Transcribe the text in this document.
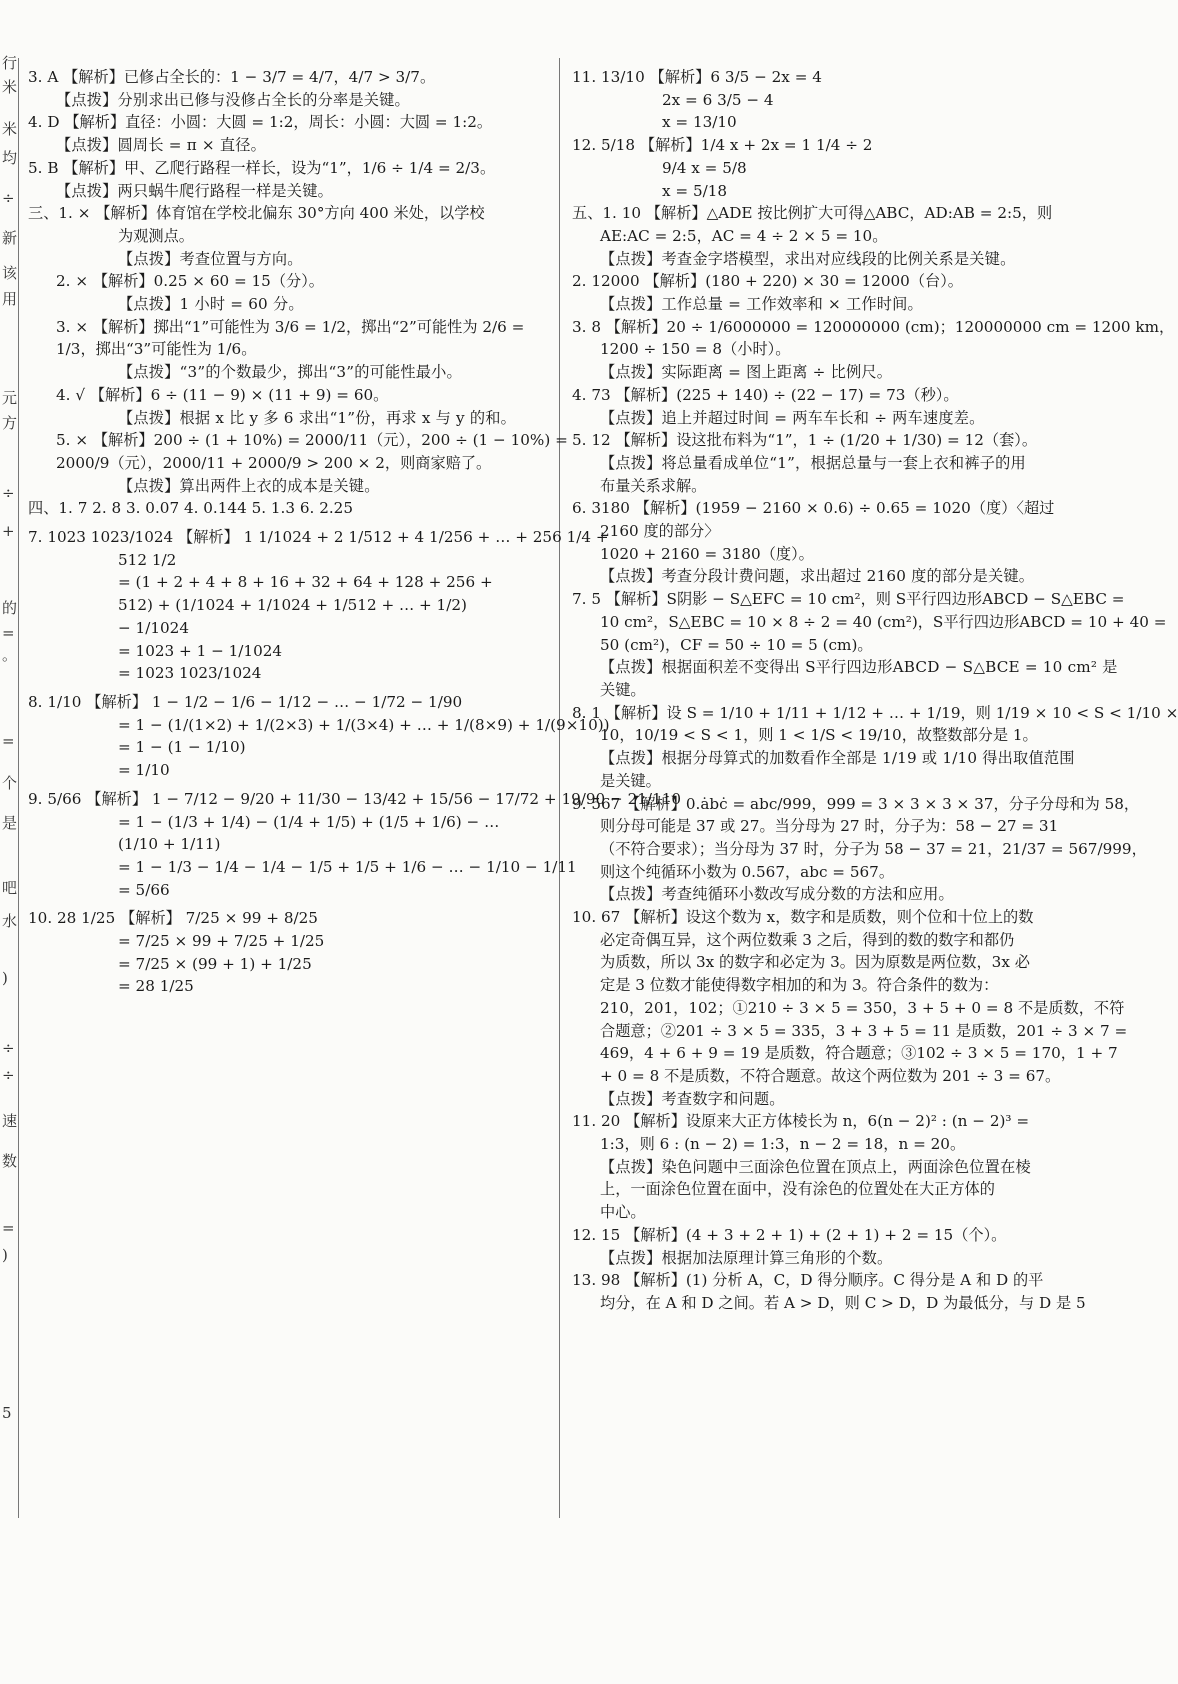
行
米
米
均
÷
新
该
用
元
方
÷
+
的
=
。
=
个
是
吧
水
)
÷
÷
速
数
=
)
5
3. A 【解析】已修占全长的：1 − 3/7 = 4/7，4/7 > 3/7。
【点拨】分别求出已修与没修占全长的分率是关键。
4. D 【解析】直径：小圆：大圆 = 1:2，周长：小圆：大圆 = 1:2。
【点拨】圆周长 = π × 直径。
5. B 【解析】甲、乙爬行路程一样长，设为“1”，1/6 ÷ 1/4 = 2/3。
【点拨】两只蜗牛爬行路程一样是关键。
三、1. × 【解析】体育馆在学校北偏东 30°方向 400 米处，以学校
为观测点。
【点拨】考查位置与方向。
2. × 【解析】0.25 × 60 = 15（分）。
【点拨】1 小时 = 60 分。
3. × 【解析】掷出“1”可能性为 3/6 = 1/2，掷出“2”可能性为 2/6 =
1/3，掷出“3”可能性为 1/6。
【点拨】“3”的个数最少，掷出“3”的可能性最小。
4. √ 【解析】6 ÷ (11 − 9) × (11 + 9) = 60。
【点拨】根据 x 比 y 多 6 求出“1”份，再求 x 与 y 的和。
5. × 【解析】200 ÷ (1 + 10%) = 2000/11（元），200 ÷ (1 − 10%) =
2000/9（元），2000/11 + 2000/9 > 200 × 2，则商家赔了。
【点拨】算出两件上衣的成本是关键。
四、1. 7 2. 8 3. 0.07 4. 0.144 5. 1.3 6. 2.25
7. 1023 1023/1024 【解析】 1 1/1024 + 2 1/512 + 4 1/256 + … + 256 1/4 +
512 1/2
= (1 + 2 + 4 + 8 + 16 + 32 + 64 + 128 + 256 +
512) + (1/1024 + 1/1024 + 1/512 + … + 1/2)
− 1/1024
= 1023 + 1 − 1/1024
= 1023 1023/1024
8. 1/10 【解析】 1 − 1/2 − 1/6 − 1/12 − … − 1/72 − 1/90
= 1 − (1/(1×2) + 1/(2×3) + 1/(3×4) + … + 1/(8×9) + 1/(9×10))
= 1 − (1 − 1/10)
= 1/10
9. 5/66 【解析】 1 − 7/12 − 9/20 + 11/30 − 13/42 + 15/56 − 17/72 + 19/90 − 21/110
= 1 − (1/3 + 1/4) − (1/4 + 1/5) + (1/5 + 1/6) − …
(1/10 + 1/11)
= 1 − 1/3 − 1/4 − 1/4 − 1/5 + 1/5 + 1/6 − … − 1/10 − 1/11
= 5/66
10. 28 1/25 【解析】 7/25 × 99 + 8/25
= 7/25 × 99 + 7/25 + 1/25
= 7/25 × (99 + 1) + 1/25
= 28 1/25
11. 13/10 【解析】6 3/5 − 2x = 4
2x = 6 3/5 − 4
x = 13/10
12. 5/18 【解析】1/4 x + 2x = 1 1/4 ÷ 2
9/4 x = 5/8
x = 5/18
五、1. 10 【解析】△ADE 按比例扩大可得△ABC，AD:AB = 2:5，则
AE:AC = 2:5，AC = 4 ÷ 2 × 5 = 10。
【点拨】考查金字塔模型，求出对应线段的比例关系是关键。
2. 12000 【解析】(180 + 220) × 30 = 12000（台）。
【点拨】工作总量 = 工作效率和 × 工作时间。
3. 8 【解析】20 ÷ 1/6000000 = 120000000 (cm)；120000000 cm = 1200 km，
1200 ÷ 150 = 8（小时）。
【点拨】实际距离 = 图上距离 ÷ 比例尺。
4. 73 【解析】(225 + 140) ÷ (22 − 17) = 73（秒）。
【点拨】追上并超过时间 = 两车车长和 ÷ 两车速度差。
5. 12 【解析】设这批布料为“1”，1 ÷ (1/20 + 1/30) = 12（套）。
【点拨】将总量看成单位“1”，根据总量与一套上衣和裤子的用
布量关系求解。
6. 3180 【解析】(1959 − 2160 × 0.6) ÷ 0.65 = 1020（度）〈超过
2160 度的部分〉
1020 + 2160 = 3180（度）。
【点拨】考查分段计费问题，求出超过 2160 度的部分是关键。
7. 5 【解析】S阴影 − S△EFC = 10 cm²，则 S平行四边形ABCD − S△EBC =
10 cm²，S△EBC = 10 × 8 ÷ 2 = 40 (cm²)，S平行四边形ABCD = 10 + 40 =
50 (cm²)，CF = 50 ÷ 10 = 5 (cm)。
【点拨】根据面积差不变得出 S平行四边形ABCD − S△BCE = 10 cm² 是
关键。
8. 1 【解析】设 S = 1/10 + 1/11 + 1/12 + … + 1/19，则 1/19 × 10 < S < 1/10 ×
10，10/19 < S < 1，则 1 < 1/S < 19/10，故整数部分是 1。
【点拨】根据分母算式的加数看作全部是 1/19 或 1/10 得出取值范围
是关键。
9. 567 【解析】0.ȧbċ = abc/999，999 = 3 × 3 × 3 × 37，分子分母和为 58，
则分母可能是 37 或 27。当分母为 27 时，分子为：58 − 27 = 31
（不符合要求）；当分母为 37 时，分子为 58 − 37 = 21，21/37 = 567/999，
则这个纯循环小数为 0.567，abc = 567。
【点拨】考查纯循环小数改写成分数的方法和应用。
10. 67 【解析】设这个数为 x，数字和是质数，则个位和十位上的数
必定奇偶互异，这个两位数乘 3 之后，得到的数的数字和都仍
为质数，所以 3x 的数字和必定为 3。因为原数是两位数，3x 必
定是 3 位数才能使得数字相加的和为 3。符合条件的数为：
210，201，102；①210 ÷ 3 × 5 = 350，3 + 5 + 0 = 8 不是质数，不符
合题意；②201 ÷ 3 × 5 = 335，3 + 3 + 5 = 11 是质数，201 ÷ 3 × 7 =
469，4 + 6 + 9 = 19 是质数，符合题意；③102 ÷ 3 × 5 = 170，1 + 7
+ 0 = 8 不是质数，不符合题意。故这个两位数为 201 ÷ 3 = 67。
【点拨】考查数字和问题。
11. 20 【解析】设原来大正方体棱长为 n，6(n − 2)² : (n − 2)³ =
1:3，则 6 : (n − 2) = 1:3，n − 2 = 18，n = 20。
【点拨】染色问题中三面涂色位置在顶点上，两面涂色位置在棱
上，一面涂色位置在面中，没有涂色的位置处在大正方体的
中心。
12. 15 【解析】(4 + 3 + 2 + 1) + (2 + 1) + 2 = 15（个）。
【点拨】根据加法原理计算三角形的个数。
13. 98 【解析】(1) 分析 A，C，D 得分顺序。C 得分是 A 和 D 的平
均分，在 A 和 D 之间。若 A > D，则 C > D，D 为最低分，与 D 是 5
